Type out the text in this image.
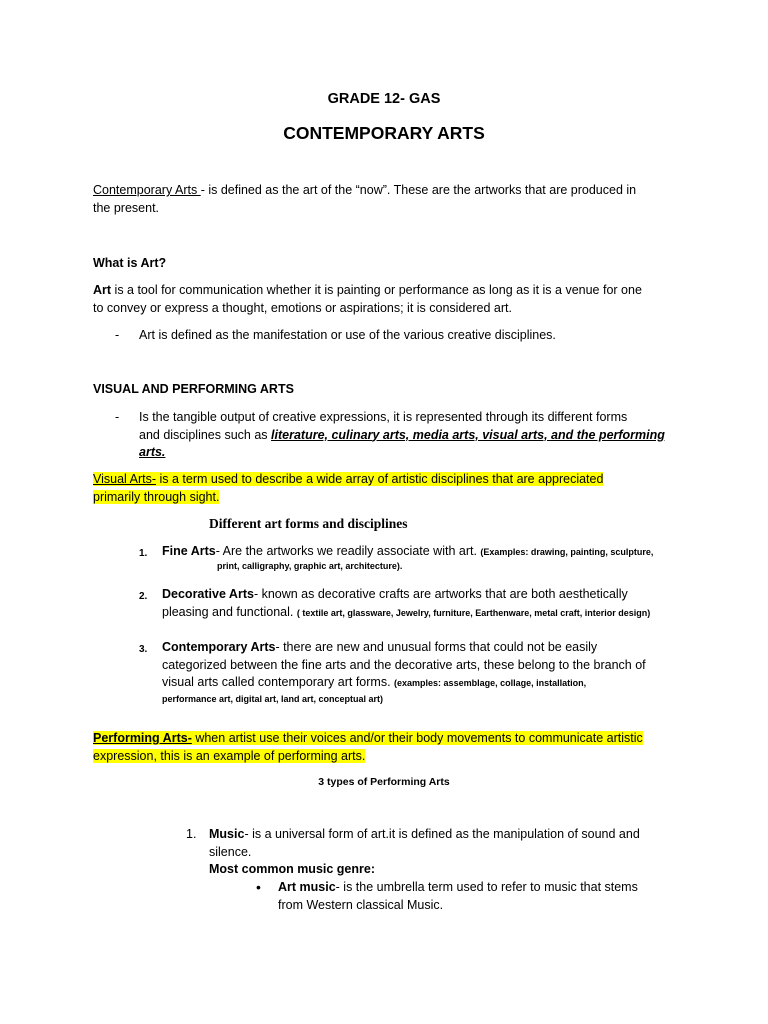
GRADE 12- GAS
CONTEMPORARY ARTS
Contemporary Arts - is defined as the art of the “now”. These are the artworks that are produced in
the present.
What is Art?
Art is a tool for communication whether it is painting or performance as long as it is a venue for one
to convey or express a thought, emotions or aspirations; it is considered art.
- Art is defined as the manifestation or use of the various creative disciplines.
VISUAL AND PERFORMING ARTS
- Is the tangible output of creative expressions, it is represented through its different forms
and disciplines such as literature, culinary arts, media arts, visual arts, and the performing
arts.
Visual Arts- is a term used to describe a wide array of artistic disciplines that are appreciated
primarily through sight.
Different art forms and disciplines
1. Fine Arts- Are the artworks we readily associate with art. (Examples: drawing, painting, sculpture,
print, calligraphy, graphic art, architecture).
2. Decorative Arts- known as decorative crafts are artworks that are both aesthetically
pleasing and functional. ( textile art, glassware, Jewelry, furniture, Earthenware, metal craft, interior design)
3. Contemporary Arts- there are new and unusual forms that could not be easily
categorized between the fine arts and the decorative arts, these belong to the branch of
visual arts called contemporary art forms. (examples: assemblage, collage, installation,
performance art, digital art, land art, conceptual art)
Performing Arts- when artist use their voices and/or their body movements to communicate artistic
expression, this is an example of performing arts.
3 types of Performing Arts
1. Music- is a universal form of art.it is defined as the manipulation of sound and
silence.
Most common music genre:
• Art music- is the umbrella term used to refer to music that stems
from Western classical Music.
